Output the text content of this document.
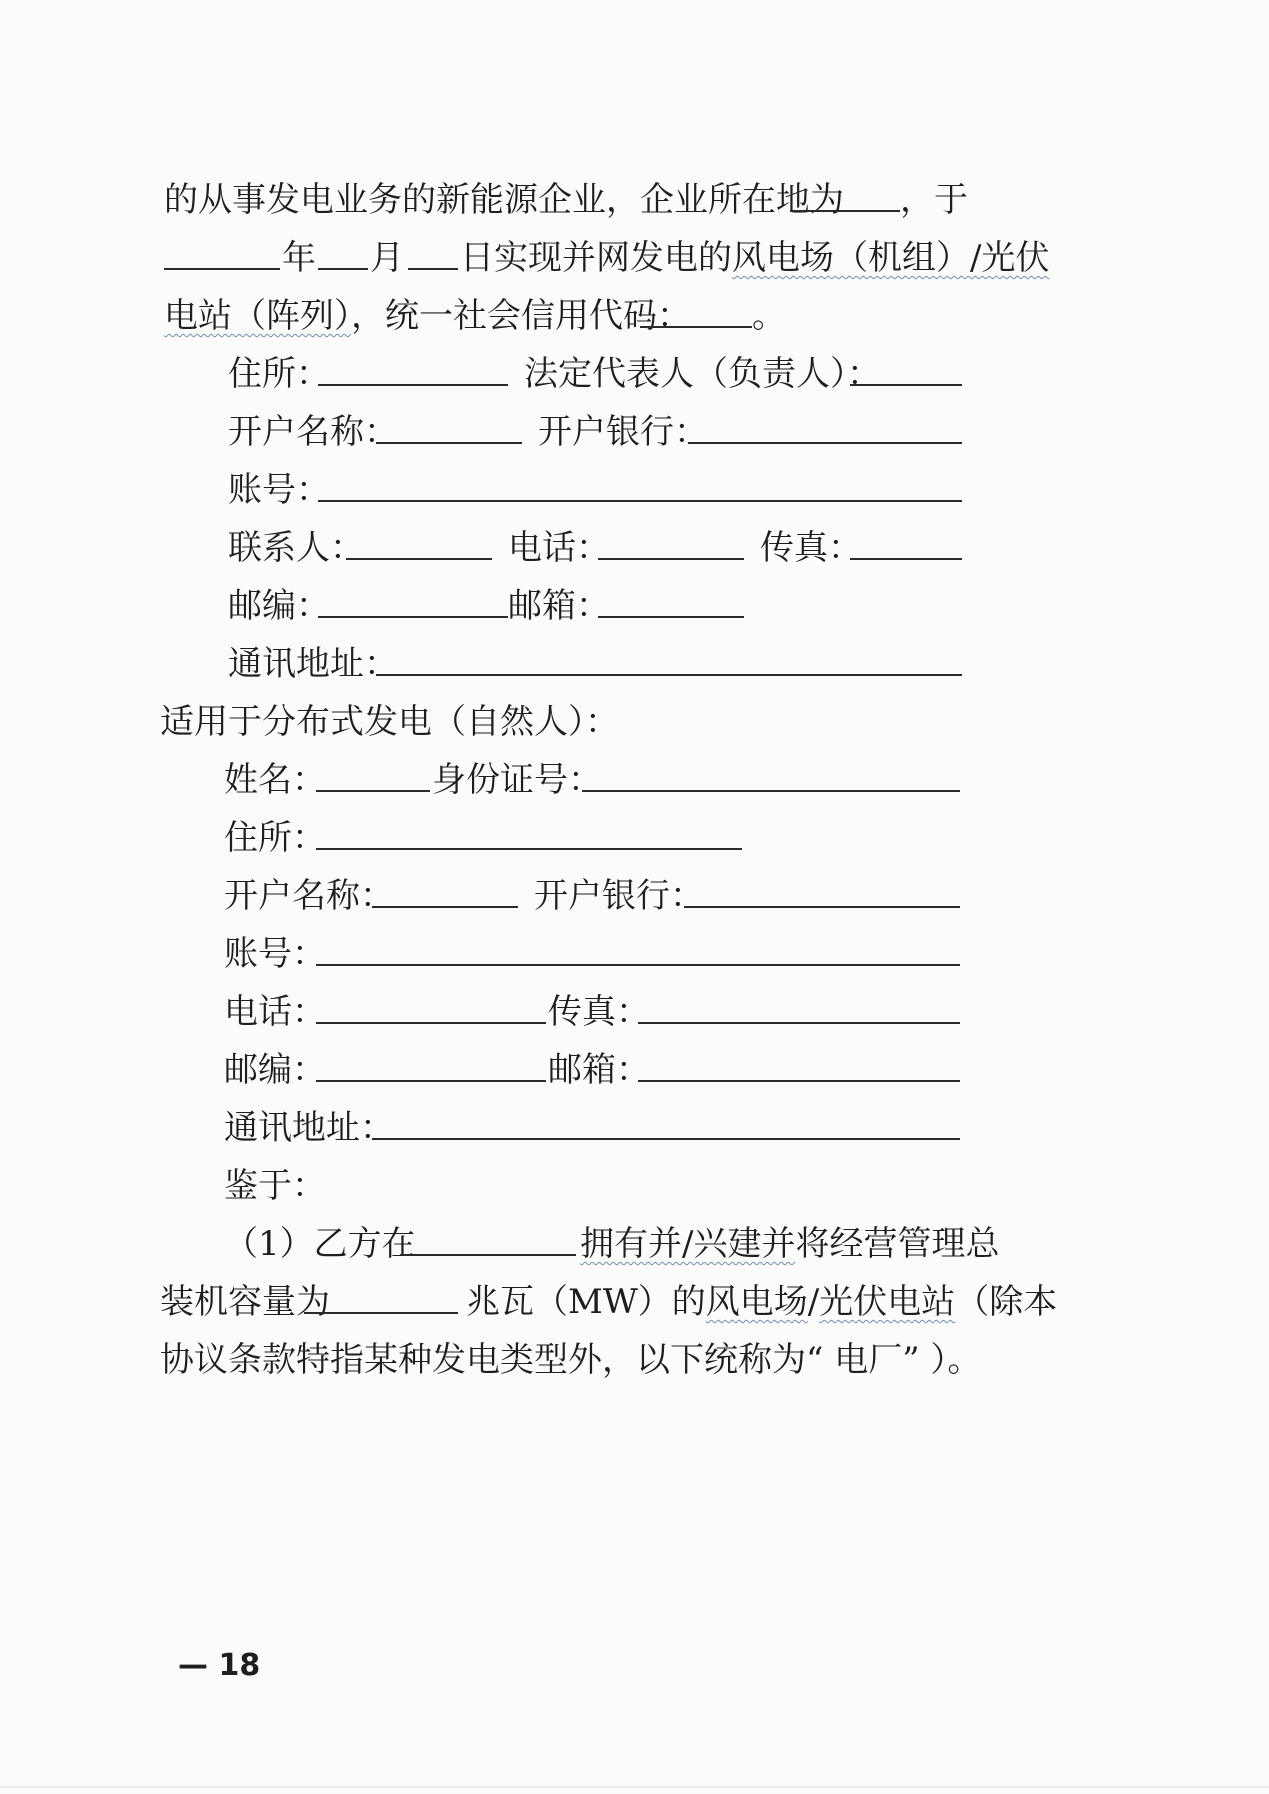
的从事发电业务的新能源企业，企业所在地为 ，于
年 月 日实现并网发电的风电场（机组）/光伏
电站（阵列），统一社会信用代码： 。
住所：	法定代表人（负责人）：
开户名称：	开户银行：
账号：
联系人：	电话：	传真：
邮编：	邮箱：
通讯地址：
适用于分布式发电（自然人）：
姓名：	身份证号：
住所：
开户名称：	开户银行：
账号：
电话：	传真：
邮编：	邮箱：
通讯地址：
鉴于：
（1）乙方在	拥有并/兴建并将经营管理总
装机容量为	兆瓦（MW）的风电场/光伏电站（除本
协议条款特指某种发电类型外，以下统称为“ 电厂” ）。
— 18
